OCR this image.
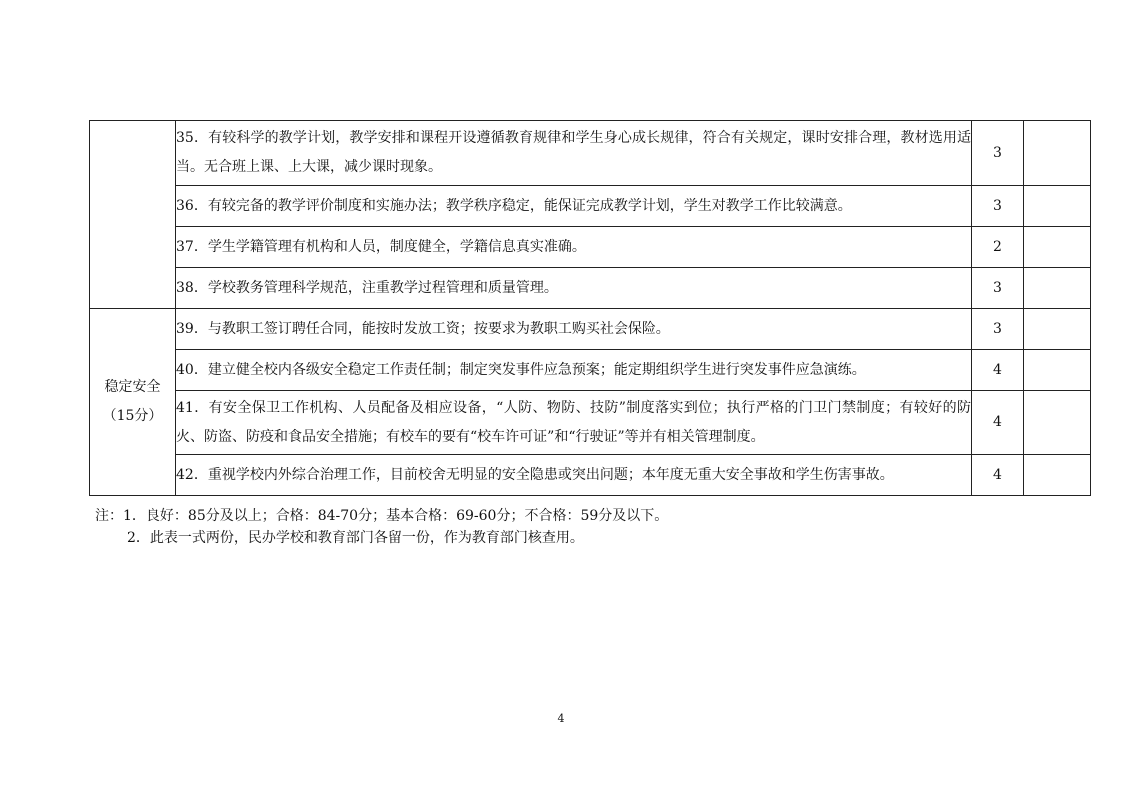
	35．有较科学的教学计划，教学安排和课程开设遵循教育规律和学生身心成长规律，符合有关规定，课时安排合理，教材选用适当。无合班上课、上大课，减少课时现象。	3	
	36．有较完备的教学评价制度和实施办法；教学秩序稳定，能保证完成教学计划，学生对教学工作比较满意。	3	
	37．学生学籍管理有机构和人员，制度健全，学籍信息真实准确。	2	
	38．学校教务管理科学规范，注重教学过程管理和质量管理。	3	

稳定安全
（15分）	39．与教职工签订聘任合同，能按时发放工资；按要求为教职工购买社会保险。	3	
	40．建立健全校内各级安全稳定工作责任制；制定突发事件应急预案；能定期组织学生进行突发事件应急演练。	4	
	41．有安全保卫工作机构、人员配备及相应设备，“人防、物防、技防”制度落实到位；执行严格的门卫门禁制度；有较好的防火、防盗、防疫和食品安全措施；有校车的要有“校车许可证”和“行驶证”等并有相关管理制度。	4	
	42．重视学校内外综合治理工作，目前校舍无明显的安全隐患或突出问题；本年度无重大安全事故和学生伤害事故。	4	
注：1．良好：85分及以上；合格：84-70分；基本合格：69-60分；不合格：59分及以下。
2．此表一式两份，民办学校和教育部门各留一份，作为教育部门核查用。
4
